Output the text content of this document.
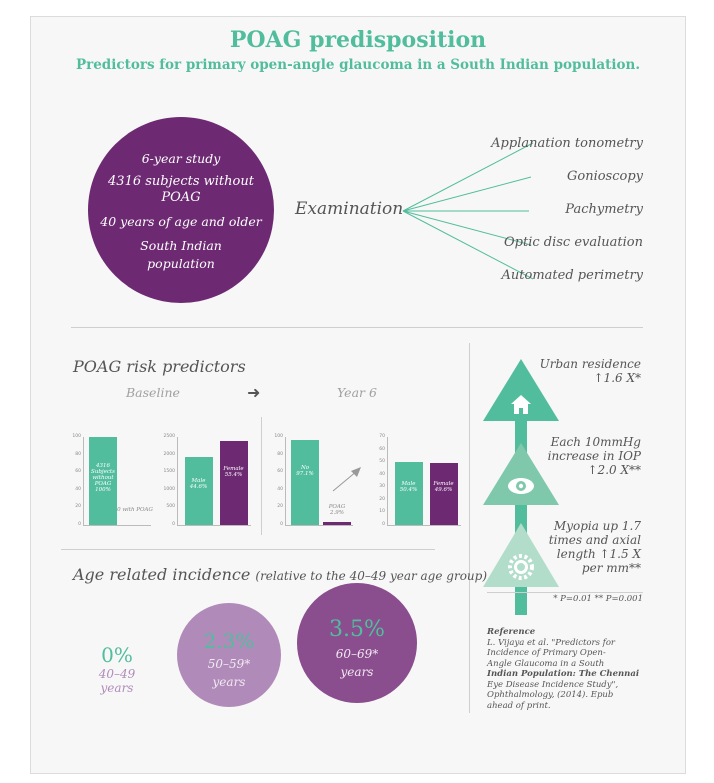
POAG predisposition
Predictors for primary open-angle glaucoma in a South Indian population.
6-year study
4316 subjects without
POAG
40 years of age and older
South Indian
population
Examination
Applanation tonometry
Gonioscopy
Pachymetry
Optic disc evaluation
Automated perimetry
POAG risk predictors
Baseline	➜	Year 6
100
80
60
40
20
0
4316 Subjects without POAG
100%
0 with POAG
2500
2000
1500
1000
500
0
Male
44.6%
Female
55.4%
100
80
60
40
20
0
No
97.1%
POAG
2.9%
70
60
50
40
30
20
10
0
Male
50.4%
Female
49.6%
Urban residence
↑1.6 X*
Each 10mmHg
increase in IOP
↑2.0 X**
Myopia up 1.7
times and axial
length ↑1.5 X
per mm**
* P=0.01 ** P=0.001
Reference
L. Vijaya et al. "Predictors for
Incidence of Primary Open-
Angle Glaucoma in a South
Indian Population: The Chennai
Eye Disease Incidence Study",
Ophthalmology, (2014). Epub
ahead of print.
Age related incidence (relative to the 40–49 year age group)
0%
40–49
years
2.3%
50–59*
years
3.5%
60–69*
years
